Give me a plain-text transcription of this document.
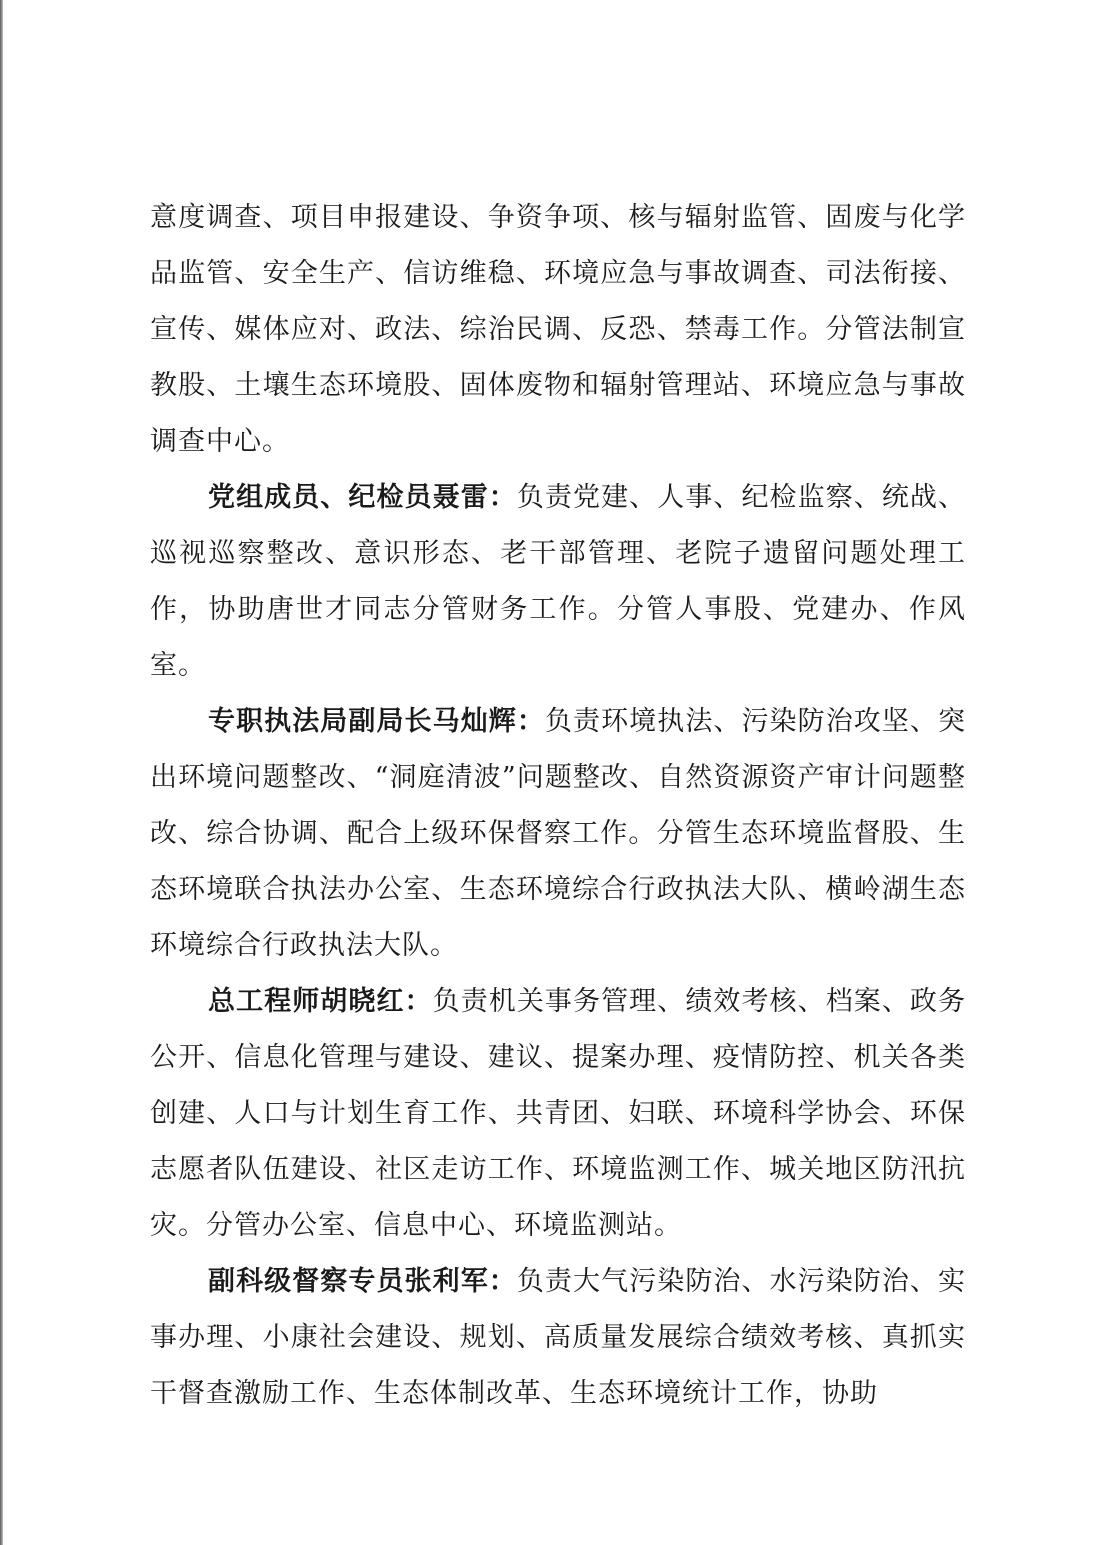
意度调查、项目申报建设、争资争项、核与辐射监管、固废与化学品监管、安全生产、信访维稳、环境应急与事故调查、司法衔接、宣传、媒体应对、政法、综治民调、反恐、禁毒工作。分管法制宣教股、土壤生态环境股、固体废物和辐射管理站、环境应急与事故调查中心。

党组成员、纪检员聂雷：负责党建、人事、纪检监察、统战、巡视巡察整改、意识形态、老干部管理、老院子遗留问题处理工作，协助唐世才同志分管财务工作。分管人事股、党建办、作风室。

专职执法局副局长马灿辉：负责环境执法、污染防治攻坚、突出环境问题整改、“洞庭清波”问题整改、自然资源资产审计问题整改、综合协调、配合上级环保督察工作。分管生态环境监督股、生态环境联合执法办公室、生态环境综合行政执法大队、横岭湖生态环境综合行政执法大队。

总工程师胡晓红：负责机关事务管理、绩效考核、档案、政务公开、信息化管理与建设、建议、提案办理、疫情防控、机关各类创建、人口与计划生育工作、共青团、妇联、环境科学协会、环保志愿者队伍建设、社区走访工作、环境监测工作、城关地区防汛抗灾。分管办公室、信息中心、环境监测站。

副科级督察专员张利军：负责大气污染防治、水污染防治、实事办理、小康社会建设、规划、高质量发展综合绩效考核、真抓实干督查激励工作、生态体制改革、生态环境统计工作，协助
